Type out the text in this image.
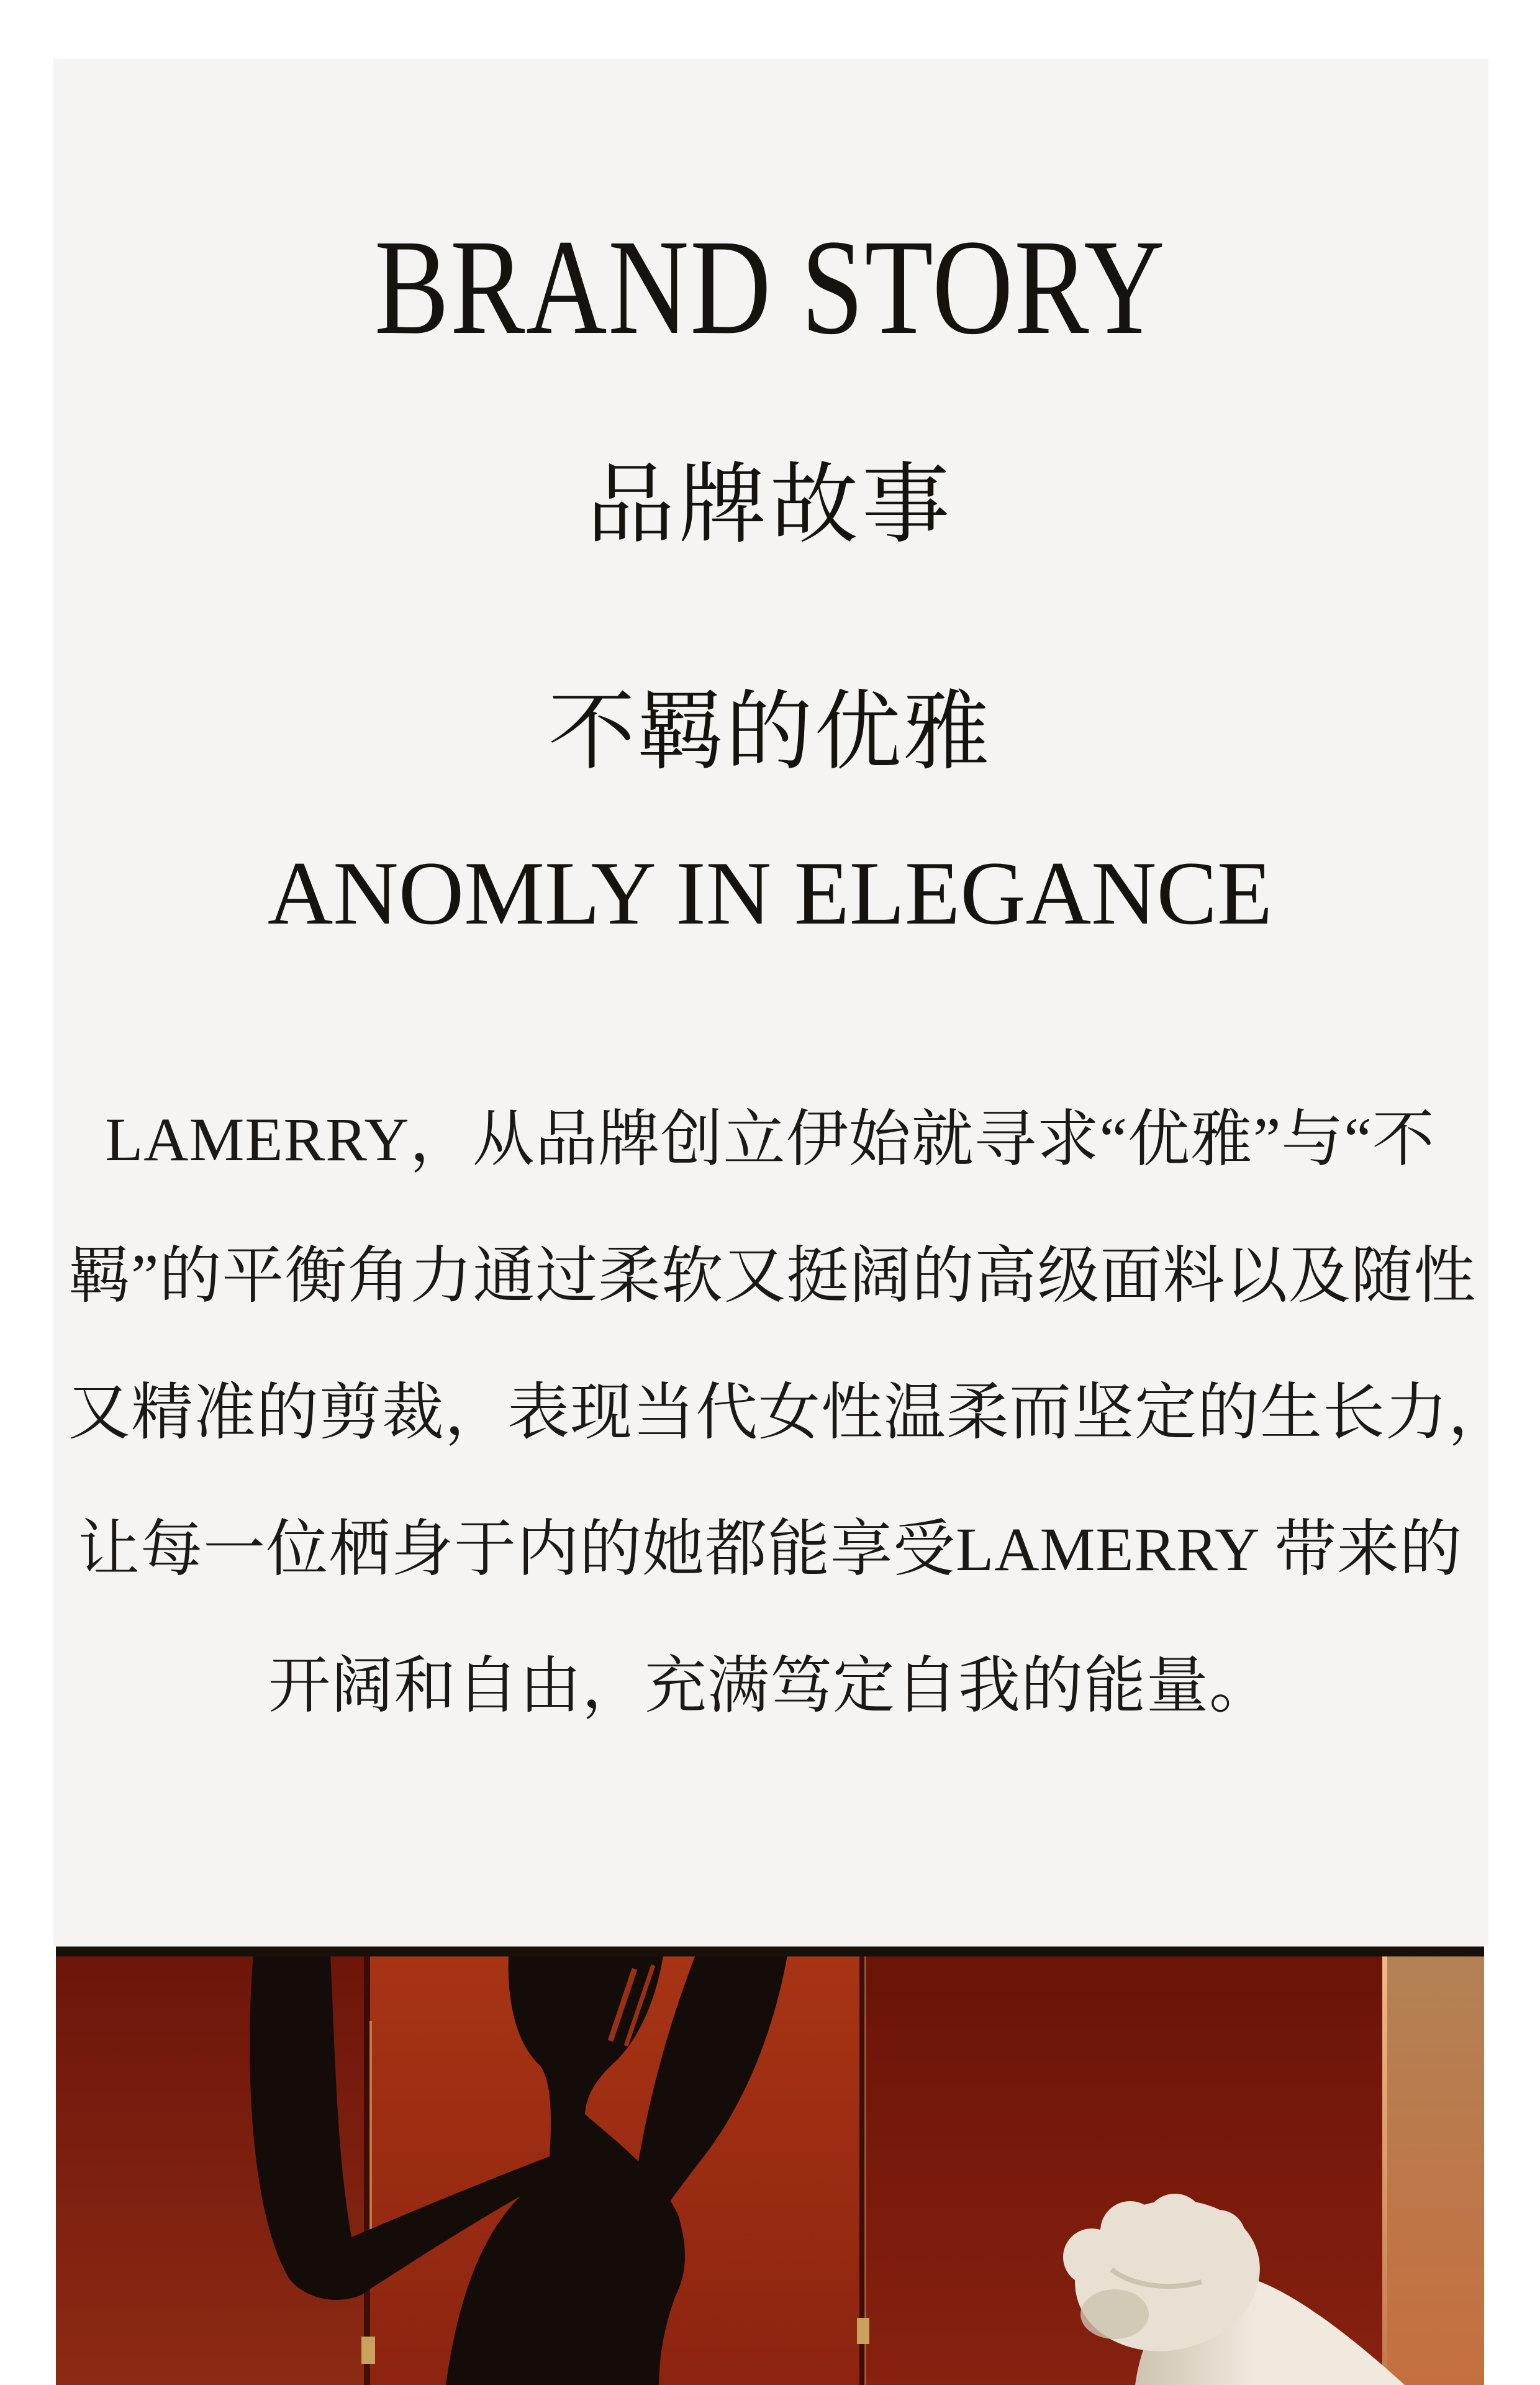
BRAND STORY
品牌故事
不羁的优雅
ANOMLY IN ELEGANCE
LAMERRY，从品牌创立伊始就寻求“优雅”与“不
羁”的平衡角力通过柔软又挺阔的高级面料以及随性
又精准的剪裁，表现当代女性温柔而坚定的生长力，
让每一位栖身于内的她都能享受LAMERRY 带来的
开阔和自由，充满笃定自我的能量。
